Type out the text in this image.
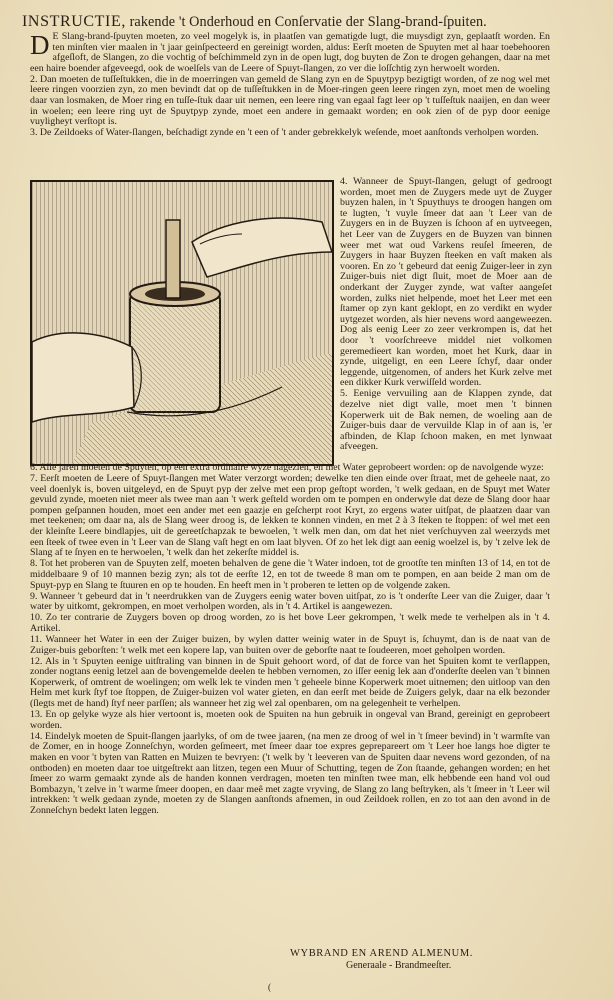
INSTRUCTIE, rakende 't Onderhoud en Conſervatie der Slang-brand-ſpuiten.

D E Slang-brand-ſpuyten moeten, zo veel mogelyk is, in plaatſen van gematigde lugt, die muysdigt zyn, geplaatſt worden. En ten minſten vier maalen in 't jaar geinſpecteerd en gereinigt worden, aldus: Eerſt moeten de Spuyten met al haar toebehooren afgeſloft, de Slangen, zo die vochtig of beſchimmeld zyn in de open lugt, dog buyten de Zon te drogen gehangen, daar na met een haire boender afgeveegd, ook de woelſels van de Leere of Spuyt-ſlangen, zo ver die loſſchtig zyn herwoelt worden.

2. Dan moeten de tuſſeſtukken, die in de moerringen van gemeld de Slang zyn en de Spuytpyp bezigtigt worden, of ze nog wel met leere ringen voorzien zyn, zo men bevindt dat op de tuſſeſtukken in de Moer-ringen geen leere ringen zyn, moet men de woeling daar van losmaken, de Moer ring en tuſſe-ſtuk daar uit nemen, een leere ring van egaal fagt leer op 't tuſſeſtuk naaijen, en dan weer in woelen; een leere ring uyt de Spuytpyp zynde, moet een andere in gemaakt worden; en ook zien of de pyp door eenige vuyligheyt verſtopt is.

3. De Zeildoeks of Water-ſlangen, beſchadigt zynde en 't een of 't ander gebrekkelyk weſende, moet aanſtonds verholpen worden.

4. Wanneer de Spuyt-ſlangen, gelugt of gedroogt worden, moet men de Zuygers mede uyt de Zuyger buyzen halen, in 't Spuythuys te droogen hangen om te lugten, 't vuyle ſmeer dat aan 't Leer van de Zuygers en in de Buyzen is ſchoon af en uytveegen, het Leer van de Zuygers en de Buyzen van binnen weer met wat oud Varkens reuſel ſmeeren, de Zuygers in haar Buyzen ſteeken en vaſt maken als vooren. En zo 't gebeurd dat eenig Zuiger-leer in zyn Zuiger-buis niet digt ſluit, moet de Moer aan de onderkant der Zuyger zynde, wat vaſter aangeſet worden, zulks niet helpende, moet het Leer met een ſtamer op zyn kant geklopt, en zo verdikt en wyder uytgezet worden, als hier nevens word aangeweezen. Dog als eenig Leer zo zeer verkrompen is, dat het door 't voorſchreeve middel niet volkomen geremedieert kan worden, moet het Kurk, daar in zynde, uitgeligt, en een Leere ſchyf, daar onder leggende, uitgenomen, of anders het Kurk zelve met een dikker Kurk verwiſſeld worden.

5. Eenige vervuiling aan de Klappen zynde, dat dezelve niet digt valle, moet men 't binnen Koperwerk uit de Bak nemen, de woeling aan de Zuiger-buis daar de vervuilde Klap in of aan is, 'er afbinden, de Klap ſchoon maken, en met lynwaat afveegen.

6. Alle jaren moeten de Spuyten, op een extra ordinaire wyze nagezien, en met Water geprobeert worden: op de navolgende wyze:

7. Eerſt moeten de Leere of Spuyt-ſlangen met Water verzorgt worden; dewelke ten dien einde over ſtraat, met de geheele naat, zo veel doenlyk is, boven uitgeleyd, en de Spuyt pyp der zelve met een prop geſtopt worden, 't welk gedaan, en de Spuyt met Water gevuld zynde, moeten niet meer als twee man aan 't werk geſteld worden om te pompen en onderwyle dat deze de Slang door haar pompen geſpannen houden, moet een ander met een gaazje en geſcherpt root Kryt, zo ergens water uitſpat, de plaatzen daar van met teekenen; om daar na, als de Slang weer droog is, de lekken te konnen vinden, en met 2 à 3 ſteken te ſtoppen: of wel met een der kleinſte Leere bindlapjes, uit de gereetſchapzak te bewoelen, 't welk men dan, om dat het niet verſchuyven zal weerzyds met een ſteek of twee even in 't Leer van de Slang vaſt hegt en om laat blyven. Of zo het lek digt aan eenig woelzel is, by 't zelve lek de Slang af te ſnyen en te herwoelen, 't welk dan het zekerſte middel is.

8. Tot het proberen van de Spuyten zelf, moeten behalven de gene die 't Water indoen, tot de grootſte ten minſten 13 of 14, en tot de middelbaare 9 of 10 mannen bezig zyn; als tot de eerſte 12, en tot de tweede 8 man om te pompen, en aan beide 2 man om de Spuyt-pyp en Slang te ſtuuren en op te houden. En heeft men in 't proberen te letten op de volgende zaken.

9. Wanneer 't gebeurd dat in 't neerdrukken van de Zuygers eenig water boven uitſpat, zo is 't onderſte Leer van die Zuiger, daar 't water by uitkomt, gekrompen, en moet verholpen worden, als in 't 4. Artikel is aangewezen.

10. Zo ter contrarie de Zuygers boven op droog worden, zo is het bove Leer gekrompen, 't welk mede te verhelpen als in 't 4. Artikel.

11. Wanneer het Water in een der Zuiger buizen, by wylen datter weinig water in de Spuyt is, ſchuymt, dan is de naat van de Zuiger-buis geborſten: 't welk met een kopere lap, van buiten over de geborſte naat te ſoudeeren, moet geholpen worden.

12. Als in 't Spuyten eenige uitſtraling van binnen in de Spuit gehoort word, of dat de force van het Spuiten komt te verſlappen, zonder nogtans eenig letzel aan de bovengemelde deelen te hebben vernomen, zo iſſer eenig lek aan d'onderſte deelen van 't binnen Koperwerk, of omtrent de woelingen; om welk lek te vinden men 't geheele binne Koperwerk moet uitnemen; den uitloop van den Helm met kurk ſtyf toe ſtoppen, de Zuiger-buizen vol water gieten, en dan eerſt met beide de Zuigers gelyk, daar na elk bezonder (ſlegts met de hand) ſtyf neer parſſen; als wanneer het zig wel zal openbaren, om na gelegenheit te verhelpen.

13. En op gelyke wyze als hier vertoont is, moeten ook de Spuiten na hun gebruik in ongeval van Brand, gereinigt en geprobeert worden.

14. Eindelyk moeten de Spuit-ſlangen jaarlyks, of om de twee jaaren, (na men ze droog of wel in 't ſmeer bevind) in 't warmſte van de Zomer, en in hooge Zonneſchyn, worden geſmeert, met ſmeer daar toe expres geprepareert om 't Leer hoe langs hoe digter te maken en voor 't byten van Ratten en Muizen te bevryen: ('t welk by 't leeveren van de Spuiten daar nevens word gezonden, of na ontboden) en moeten daar toe uitgeſtrekt aan litzen, tegen een Muur of Schutting, tegen de Zon ſtaande, gehangen worden; en het ſmeer zo warm gemaakt zynde als de handen konnen verdragen, moeten ten minſten twee man, elk hebbende een hand vol oud Bombazyn, 't zelve in 't warme ſmeer doopen, en daar meê met zagte vryving, de Slang zo lang beſtryken, als 't ſmeer in 't Leer wil intrekken: 't welk gedaan zynde, moeten zy de Slangen aanſtonds afnemen, in oud Zeildoek rollen, en zo tot aan den avond in de Zonneſchyn bedekt laten leggen.

WYBRAND EN AREND ALMENUM.
Generaale - Brandmeeſter.
(
